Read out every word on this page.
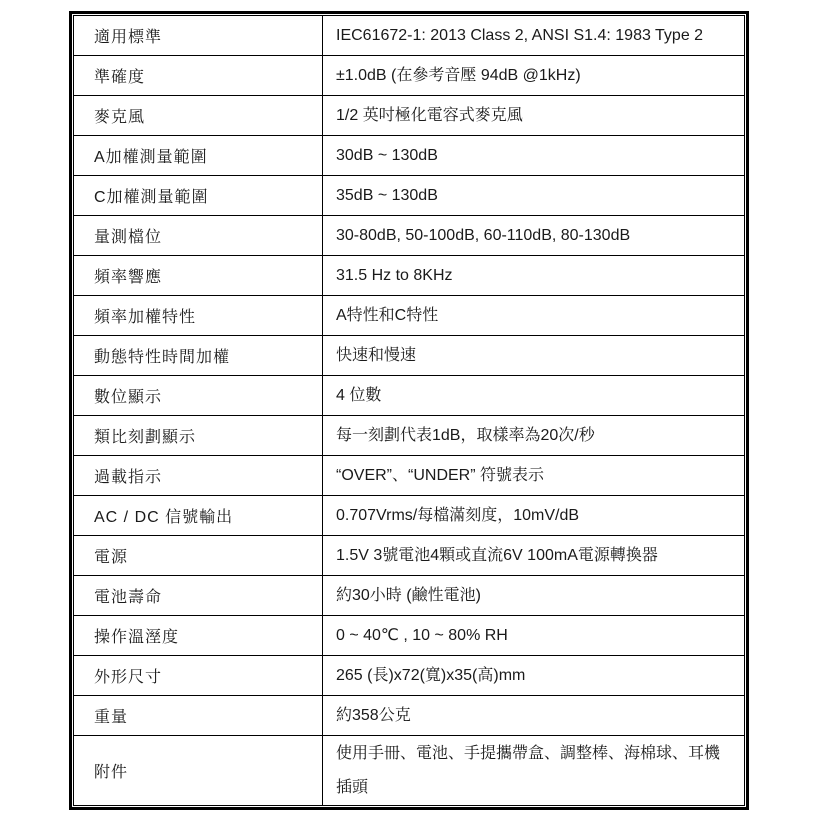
適用標準	IEC61672-1: 2013 Class 2, ANSI S1.4: 1983 Type 2
準確度	±1.0dB (在參考音壓 94dB @1kHz)
麥克風	1/2 英吋極化電容式麥克風
A加權測量範圍	30dB ~ 130dB
C加權測量範圍	35dB ~ 130dB
量測檔位	30-80dB, 50-100dB, 60-110dB, 80-130dB
頻率響應	31.5 Hz to 8KHz
頻率加權特性	A特性和C特性
動態特性時間加權	快速和慢速
數位顯示	4 位數
類比刻劃顯示	每一刻劃代表1dB，取樣率為20次/秒
過載指示	“OVER”、“UNDER” 符號表示
AC / DC 信號輸出	0.707Vrms/每檔滿刻度，10mV/dB
電源	1.5V 3號電池4顆或直流6V 100mA電源轉換器
電池壽命	約30小時 (鹼性電池)
操作溫溼度	0 ~ 40℃ , 10 ~ 80% RH
外形尺寸	265 (長)x72(寬)x35(高)mm
重量	約358公克
附件	使用手冊、電池、手提攜帶盒、調整棒、海棉球、耳機插頭
